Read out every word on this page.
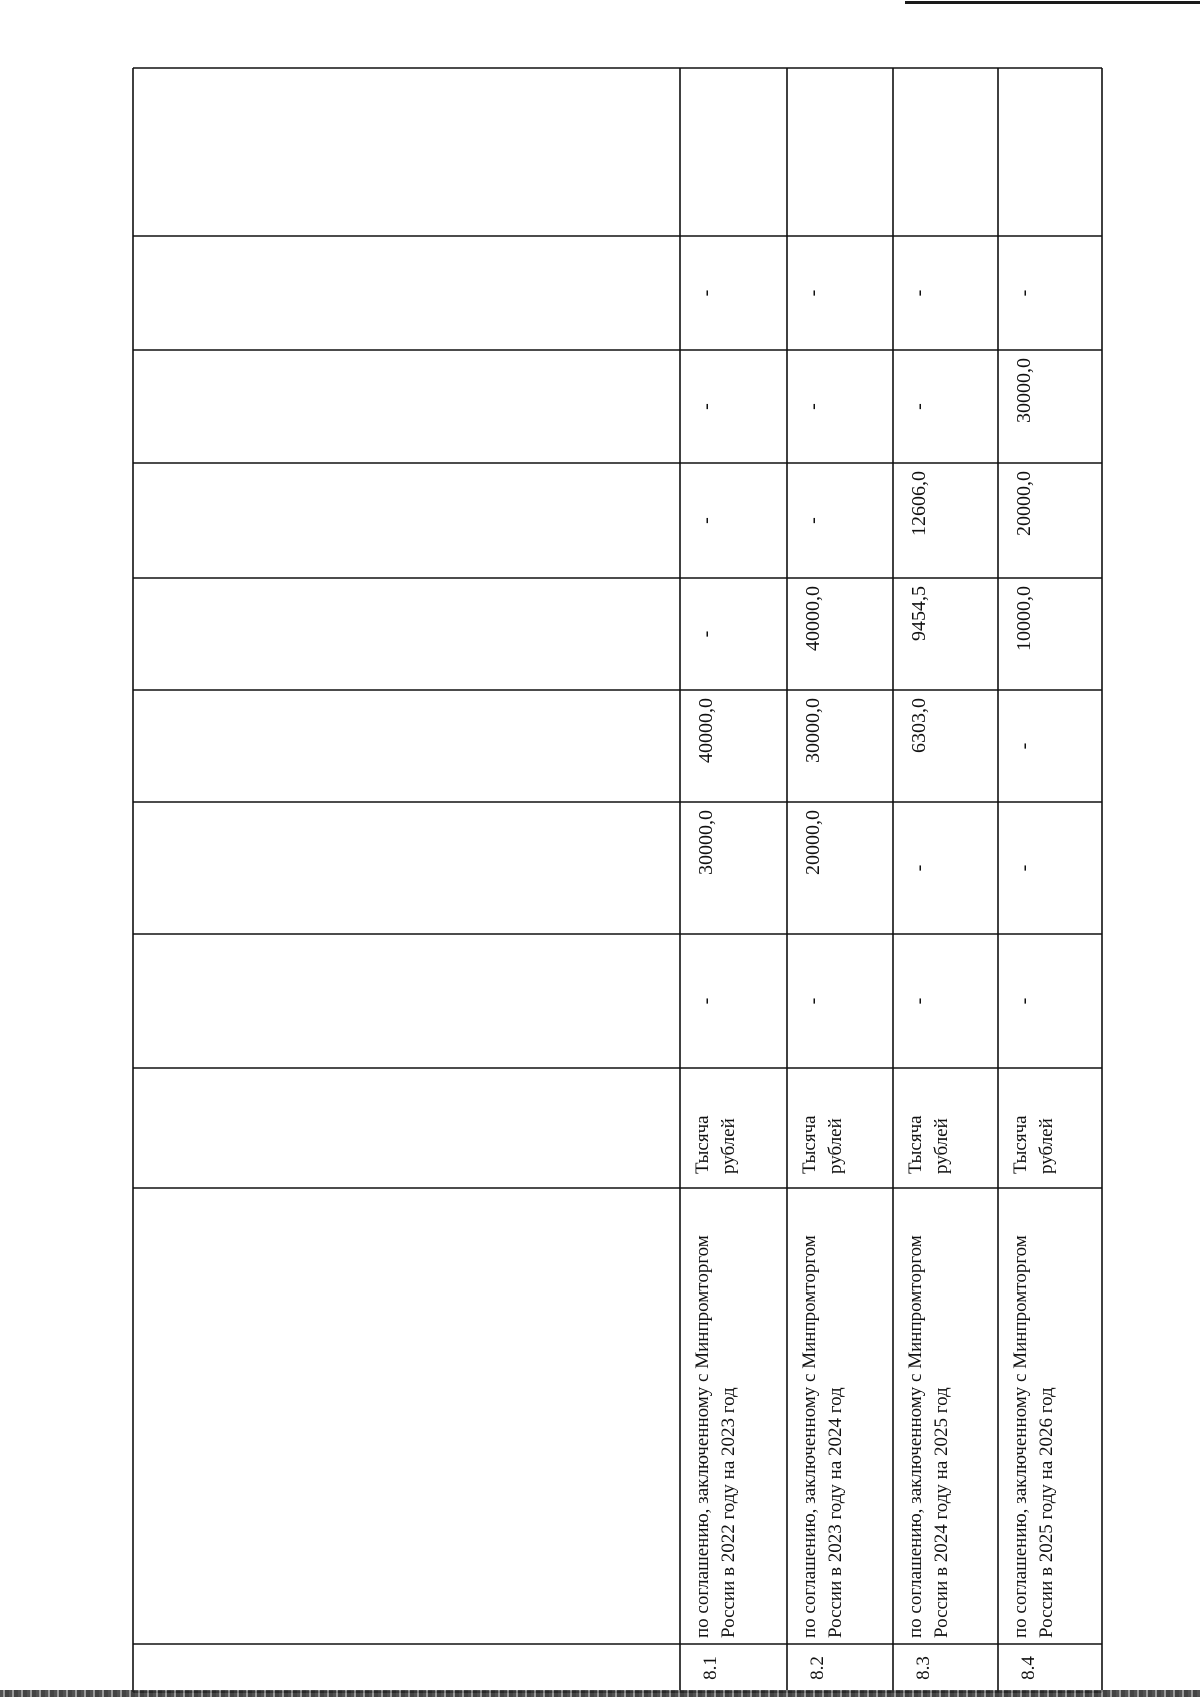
8.1
по соглашению, заключенному с Минпромторгом России в 2022 году на 2023 год
Тысяча рублей
-
30000,0
40000,0
-
-
-
-
8.2
по соглашению, заключенному с Минпромторгом России в 2023 году на 2024 год
Тысяча рублей
-
20000,0
30000,0
40000,0
-
-
-
8.3
по соглашению, заключенному с Минпромторгом России в 2024 году на 2025 год
Тысяча рублей
-
-
6303,0
9454,5
12606,0
-
-
8.4
по соглашению, заключенному с Минпромторгом России в 2025 году на 2026 год
Тысяча рублей
-
-
-
10000,0
20000,0
30000,0
-
